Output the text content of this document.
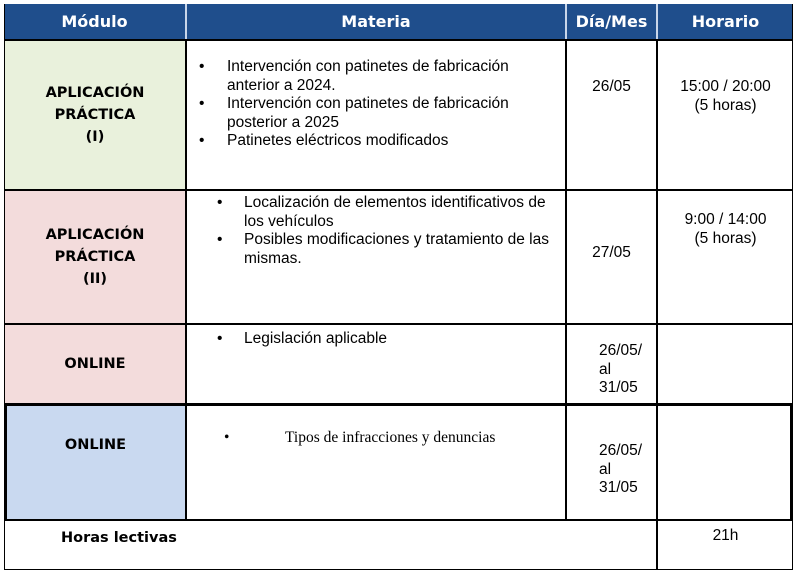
Módulo	Materia	Día/Mes	Horario
APLICACIÓN
PRÁCTICA
(I)
• Intervención con patinetes de fabricación anterior a 2024.
• Intervención con patinetes de fabricación posterior a 2025
• Patinetes eléctricos modificados
26/05	15:00 / 20:00
(5 horas)
APLICACIÓN
PRÁCTICA
(II)
• Localización de elementos identificativos de los vehículos
• Posibles modificaciones y tratamiento de las mismas.	27/05
9:00 / 14:00
(5 horas)
ONLINE
• Legislación aplicable
26/05/
al
31/05
ONLINE
•	Tipos de infracciones y denuncias
26/05/
al
31/05
Horas lectivas	21h
